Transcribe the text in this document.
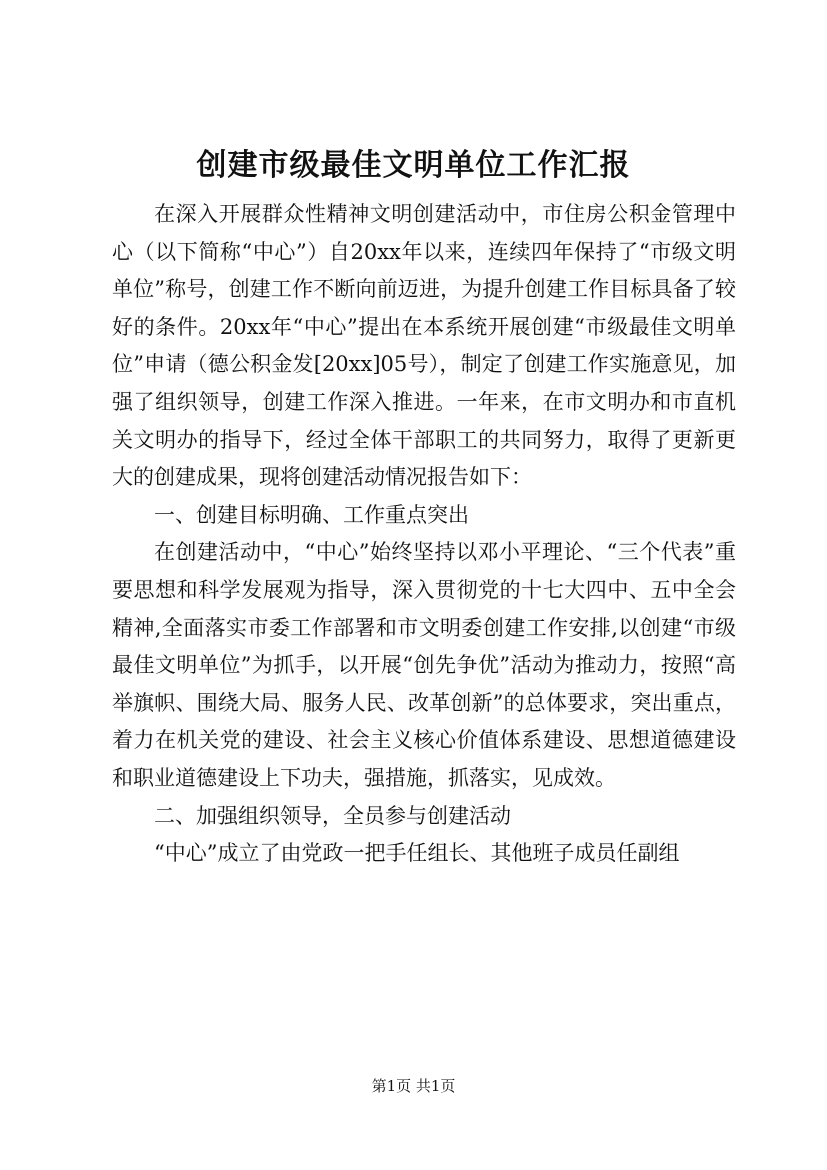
创建市级最佳文明单位工作汇报

在深入开展群众性精神文明创建活动中，市住房公积金管理中心（以下简称“中心”）自20xx年以来，连续四年保持了“市级文明单位”称号，创建工作不断向前迈进，为提升创建工作目标具备了较好的条件。20xx年“中心”提出在本系统开展创建“市级最佳文明单位”申请（德公积金发[20xx]05号），制定了创建工作实施意见，加强了组织领导，创建工作深入推进。一年来，在市文明办和市直机关文明办的指导下，经过全体干部职工的共同努力，取得了更新更大的创建成果，现将创建活动情况报告如下：

一、创建目标明确、工作重点突出

在创建活动中，“中心”始终坚持以邓小平理论、“三个代表”重要思想和科学发展观为指导，深入贯彻党的十七大四中、五中全会精神,全面落实市委工作部署和市文明委创建工作安排,以创建“市级最佳文明单位”为抓手，以开展“创先争优”活动为推动力，按照“高举旗帜、围绕大局、服务人民、改革创新”的总体要求，突出重点，着力在机关党的建设、社会主义核心价值体系建设、思想道德建设和职业道德建设上下功夫，强措施，抓落实，见成效。

二、加强组织领导，全员参与创建活动

“中心”成立了由党政一把手任组长、其他班子成员任副组

第1页 共1页
